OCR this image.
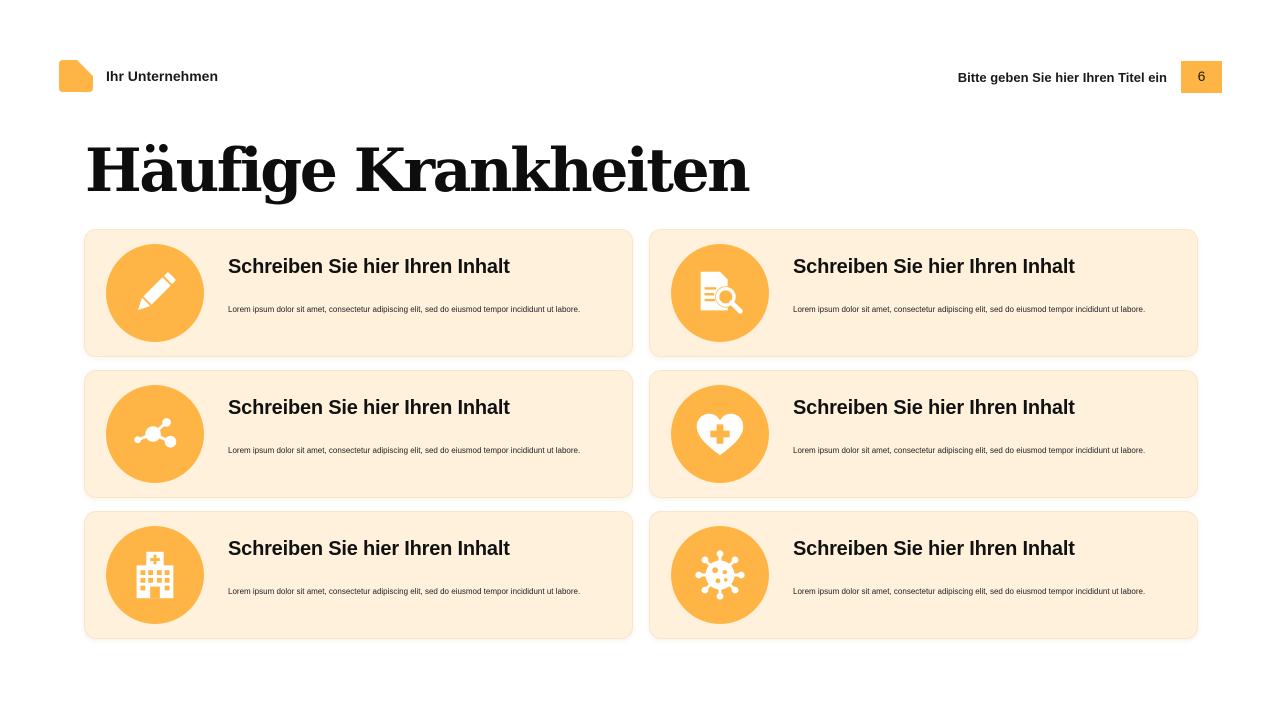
Ihr Unternehmen	Bitte geben Sie hier Ihren Titel ein	6
Häufige Krankheiten
Schreiben Sie hier Ihren Inhalt

Lorem ipsum dolor sit amet, consectetur adipiscing elit, sed do eiusmod tempor incididunt ut labore.

Schreiben Sie hier Ihren Inhalt

Lorem ipsum dolor sit amet, consectetur adipiscing elit, sed do eiusmod tempor incididunt ut labore.

Schreiben Sie hier Ihren Inhalt

Lorem ipsum dolor sit amet, consectetur adipiscing elit, sed do eiusmod tempor incididunt ut labore.

Schreiben Sie hier Ihren Inhalt

Lorem ipsum dolor sit amet, consectetur adipiscing elit, sed do eiusmod tempor incididunt ut labore.

Schreiben Sie hier Ihren Inhalt

Lorem ipsum dolor sit amet, consectetur adipiscing elit, sed do eiusmod tempor incididunt ut labore.

Schreiben Sie hier Ihren Inhalt

Lorem ipsum dolor sit amet, consectetur adipiscing elit, sed do eiusmod tempor incididunt ut labore.
